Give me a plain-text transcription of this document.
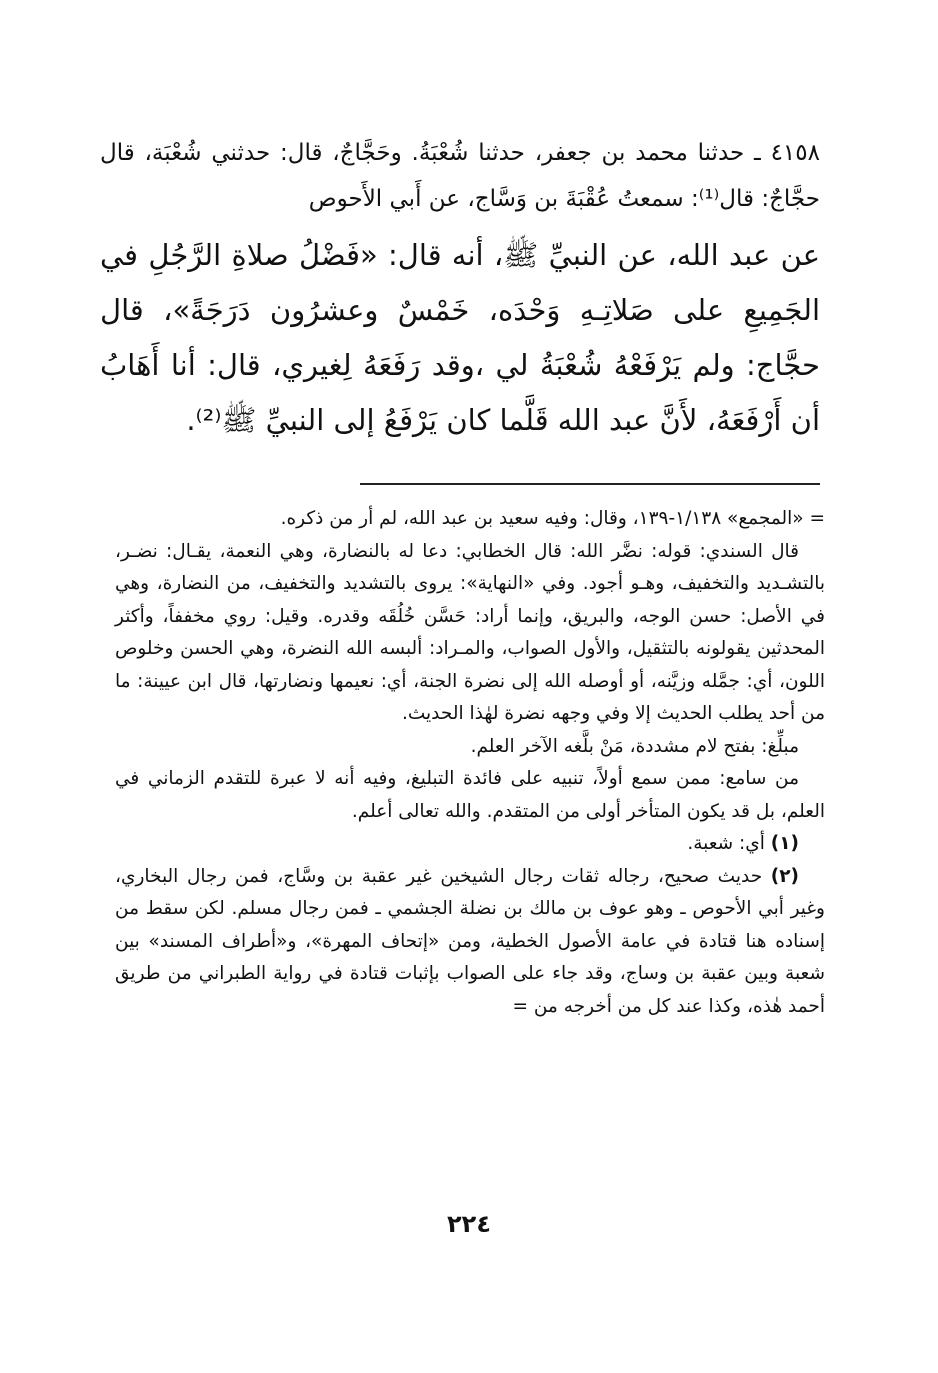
٤١٥٨ ـ حدثنا محمد بن جعفر، حدثنا شُعْبَةُ. وحَجَّاجٌ، قال: حدثني شُعْبَة، قال حجَّاجٌ: قال⁽¹⁾: سمعتُ عُقْبَةَ بن وَسَّاج، عن أَبي الأَحوص

عن عبد الله، عن النبيِّ ﷺ، أنه قال: «فَضْلُ صلاةِ الرَّجُلِ في الجَمِيعِ على صَلاتِـهِ وَحْدَه، خَمْسٌ وعشرُون دَرَجَةً»، قال حجَّاج: ولم يَرْفَعْهُ شُعْبَةُ لي ،وقد رَفَعَهُ لِغيري، قال: أنا أَهَابُ أن أَرْفَعَهُ، لأَنَّ عبد الله قَلَّما كان يَرْفَعُ إلى النبيِّ ﷺ⁽²⁾.

= «المجمع» ١/١٣٨-١٣٩، وقال: وفيه سعيد بن عبد الله، لم أر من ذكره.

قال السندي: قوله: نضَّر الله: قال الخطابي: دعا له بالنضارة، وهي النعمة، يقـال: نضـر، بالتشـديد والتخفيف، وهـو أجود. وفي «النهاية»: يروى بالتشديد والتخفيف، من النضارة، وهي في الأصل: حسن الوجه، والبريق، وإنما أراد: حَسَّن خُلُقَه وقدره. وقيل: روي مخففاً، وأكثر المحدثين يقولونه بالتثقيل، والأول الصواب، والمـراد: ألبسه الله النضرة، وهي الحسن وخلوص اللون، أي: جمَّله وزيَّنه، أو أوصله الله إلى نضرة الجنة، أي: نعيمها ونضارتها، قال ابن عيينة: ما من أحد يطلب الحديث إلا وفي وجهه نضرة لهٰذا الحديث.

مبلِّغ: بفتح لام مشددة، مَنْ بلَّغه الآخر العلم.

من سامع: ممن سمع أولاً، تنبيه على فائدة التبليغ، وفيه أنه لا عبرة للتقدم الزماني في العلم، بل قد يكون المتأخر أولى من المتقدم. والله تعالى أعلم.

(١) أي: شعبة.

(٢) حديث صحيح، رجاله ثقات رجال الشيخين غير عقبة بن وسَّاج، فمن رجال البخاري، وغير أبي الأحوص ـ وهو عوف بن مالك بن نضلة الجشمي ـ فمن رجال مسلم. لكن سقط من إسناده هنا قتادة في عامة الأصول الخطية، ومن «إتحاف المهرة»، و«أطراف المسند» بين شعبة وبين عقبة بن وساج، وقد جاء على الصواب بإثبات قتادة في رواية الطبراني من طريق أحمد هٰذه، وكذا عند كل من أخرجه من =

٢٢٤
